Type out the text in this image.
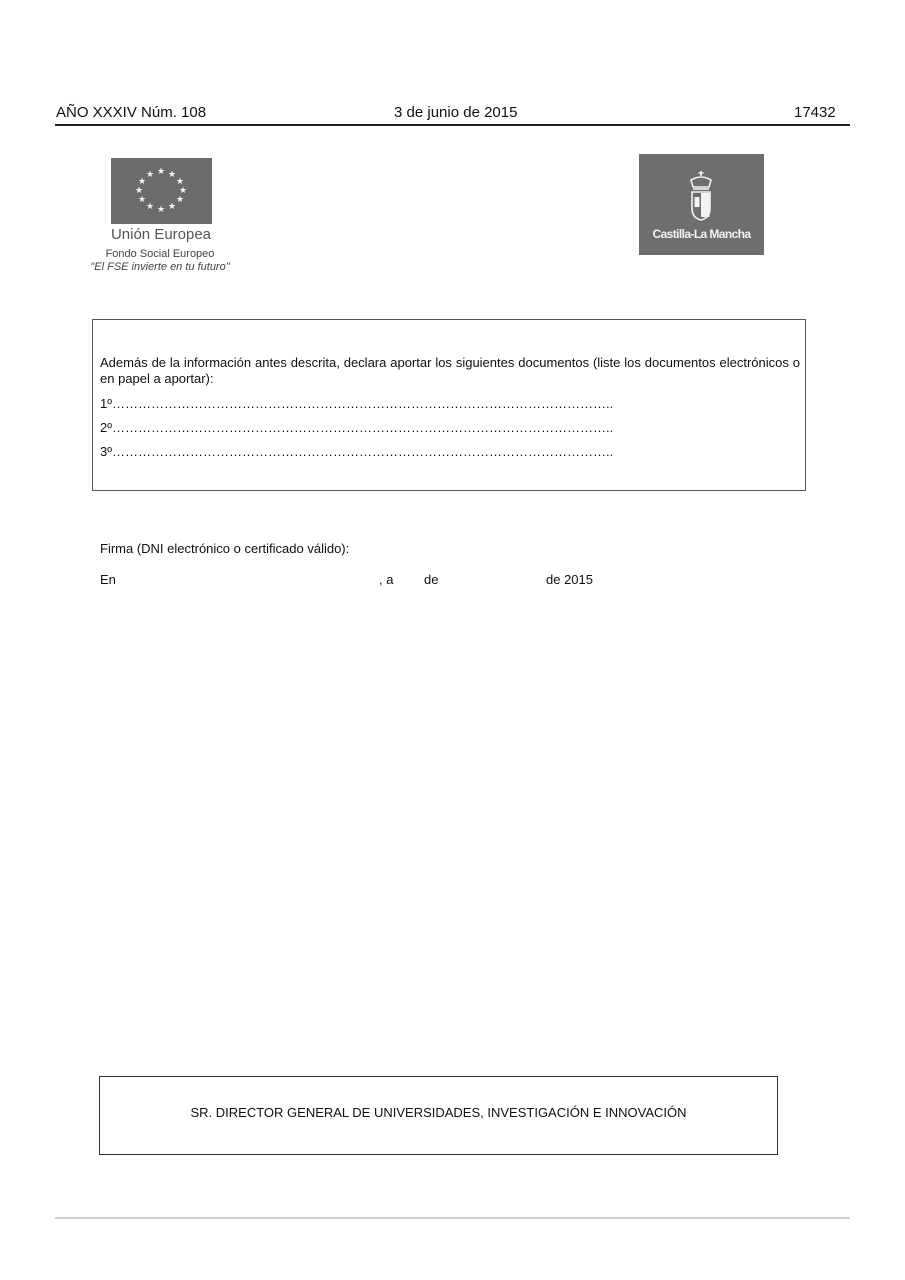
AÑO XXXIV Núm. 108	3 de junio de 2015	17432
★ ★
★
★
★
★
★
★
★
★
★
★
Unión Europea
Fondo Social Europeo
"El FSE invierte en tu futuro"
Castilla-La Mancha
Además de la información antes descrita, declara aportar los siguientes documentos (liste los documentos electrónicos o en papel a aportar):
1º……………………………………………………………………………………………………..
2º……………………………………………………………………………………………………..
3º……………………………………………………………………………………………………..
Firma (DNI electrónico o certificado válido):
En	, a de	de 2015
SR. DIRECTOR GENERAL DE UNIVERSIDADES, INVESTIGACIÓN E INNOVACIÓN
